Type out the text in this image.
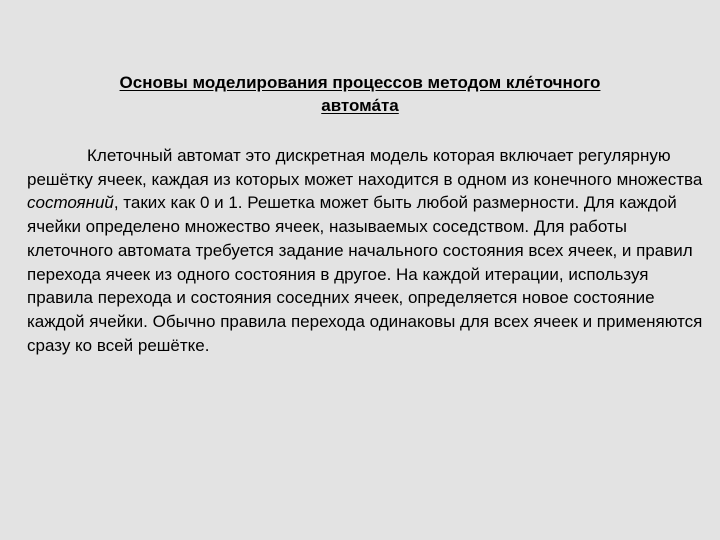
Основы моделирования процессов методом кле́точного
автома́та

Клеточный автомат это дискретная модель которая включает регулярную решётку ячеек, каждая из которых может находится в одном из конечного множества состояний, таких как 0 и 1. Решетка может быть любой размерности. Для каждой ячейки определено множество ячеек, называемых соседством. Для работы клеточного автомата требуется задание начального состояния всех ячеек, и правил перехода ячеек из одного состояния в другое. На каждой итерации, используя правила перехода и состояния соседних ячеек, определяется новое состояние каждой ячейки. Обычно правила перехода одинаковы для всех ячеек и применяются сразу ко всей решётке.
